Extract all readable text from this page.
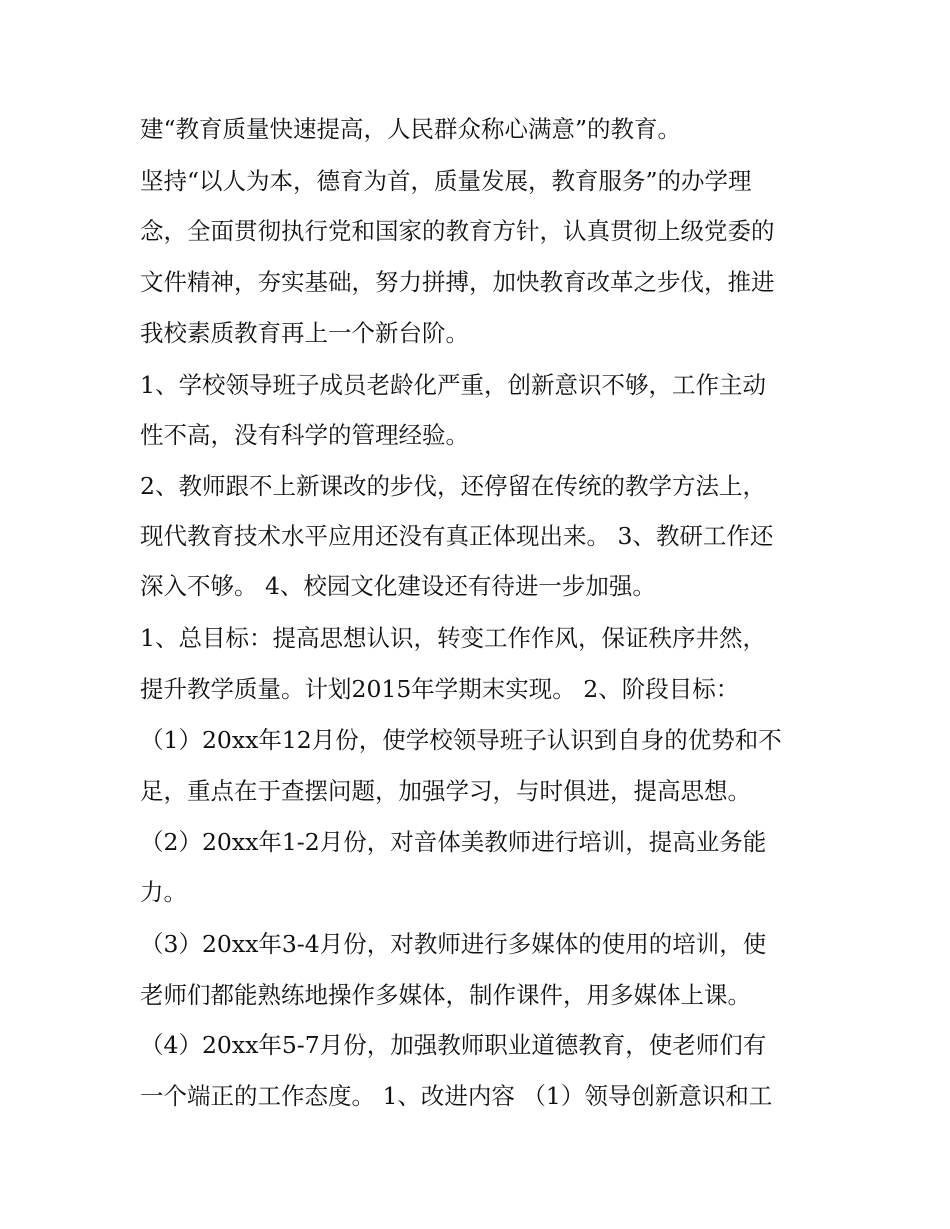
建“教育质量快速提高，人民群众称心满意”的教育。
坚持“以人为本，德育为首，质量发展，教育服务”的办学理
念，全面贯彻执行党和国家的教育方针，认真贯彻上级党委的
文件精神，夯实基础，努力拼搏，加快教育改革之步伐，推进
我校素质教育再上一个新台阶。
1、学校领导班子成员老龄化严重，创新意识不够，工作主动
性不高，没有科学的管理经验。
2、教师跟不上新课改的步伐，还停留在传统的教学方法上，
现代教育技术水平应用还没有真正体现出来。 3、教研工作还
深入不够。 4、校园文化建设还有待进一步加强。
1、总目标：提高思想认识，转变工作作风，保证秩序井然，
提升教学质量。计划2015年学期末实现。 2、阶段目标：
（1）20xx年12月份，使学校领导班子认识到自身的优势和不
足，重点在于查摆问题，加强学习，与时俱进，提高思想。
（2）20xx年1-2月份，对音体美教师进行培训，提高业务能
力。
（3）20xx年3-4月份，对教师进行多媒体的使用的培训，使
老师们都能熟练地操作多媒体，制作课件，用多媒体上课。
（4）20xx年5-7月份，加强教师职业道德教育，使老师们有
一个端正的工作态度。 1、改进内容 （1）领导创新意识和工
